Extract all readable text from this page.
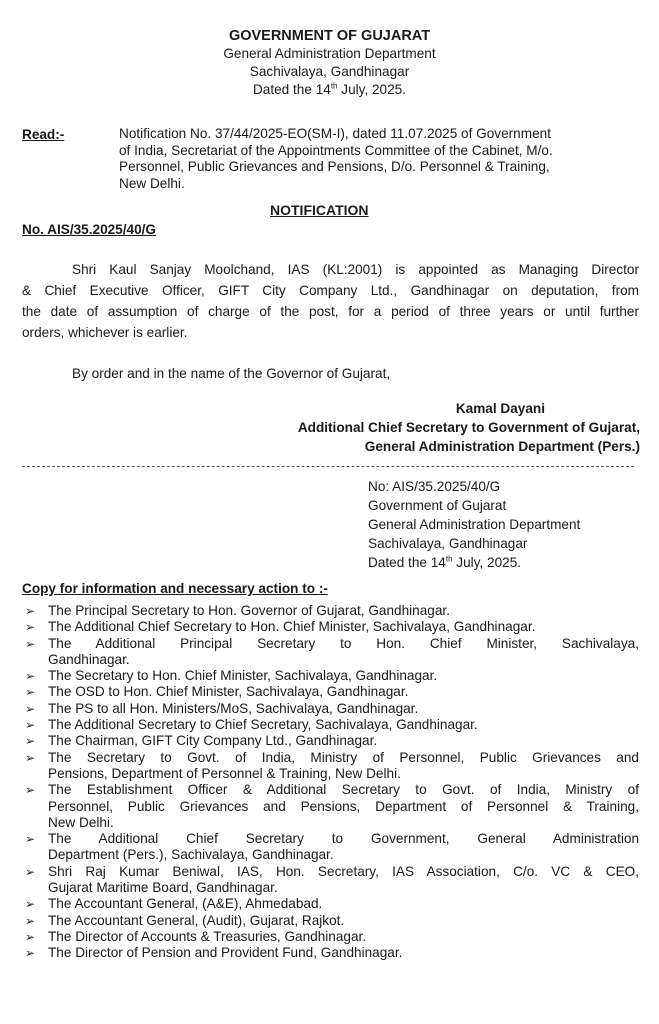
GOVERNMENT OF GUJARAT
General Administration Department
Sachivalaya, Gandhinagar
Dated the 14th July, 2025.
Read:-	Notification No. 37/44/2025-EO(SM-I), dated 11.07.2025 of Government
of India, Secretariat of the Appointments Committee of the Cabinet, M/o.
Personnel, Public Grievances and Pensions, D/o. Personnel & Training,
New Delhi.
NOTIFICATION
No. AIS/35.2025/40/G
Shri Kaul Sanjay Moolchand, IAS (KL:2001) is appointed as Managing Director
& Chief Executive Officer, GIFT City Company Ltd., Gandhinagar on deputation, from
the date of assumption of charge of the post, for a period of three years or until further
orders, whichever is earlier.
By order and in the name of the Governor of Gujarat,
Kamal Dayani
Additional Chief Secretary to Government of Gujarat,
General Administration Department (Pers.)
No: AIS/35.2025/40/G
Government of Gujarat
General Administration Department
Sachivalaya, Gandhinagar
Dated the 14th July, 2025.
Copy for information and necessary action to :-
➢ The Principal Secretary to Hon. Governor of Gujarat, Gandhinagar.
➢ The Additional Chief Secretary to Hon. Chief Minister, Sachivalaya, Gandhinagar.
➢ The Additional Principal Secretary to Hon. Chief Minister, Sachivalaya,
Gandhinagar.
➢ The Secretary to Hon. Chief Minister, Sachivalaya, Gandhinagar.
➢ The OSD to Hon. Chief Minister, Sachivalaya, Gandhinagar.
➢ The PS to all Hon. Ministers/MoS, Sachivalaya, Gandhinagar.
➢ The Additional Secretary to Chief Secretary, Sachivalaya, Gandhinagar.
➢ The Chairman, GIFT City Company Ltd., Gandhinagar.
➢ The Secretary to Govt. of India, Ministry of Personnel, Public Grievances and
Pensions, Department of Personnel & Training, New Delhi.
➢ The Establishment Officer & Additional Secretary to Govt. of India, Ministry of
Personnel, Public Grievances and Pensions, Department of Personnel & Training,
New Delhi.
➢ The Additional Chief Secretary to Government, General Administration
Department (Pers.), Sachivalaya, Gandhinagar.
➢ Shri Raj Kumar Beniwal, IAS, Hon. Secretary, IAS Association, C/o. VC & CEO,
Gujarat Maritime Board, Gandhinagar.
➢ The Accountant General, (A&E), Ahmedabad.
➢ The Accountant General, (Audit), Gujarat, Rajkot.
➢ The Director of Accounts & Treasuries, Gandhinagar.
➢ The Director of Pension and Provident Fund, Gandhinagar.
